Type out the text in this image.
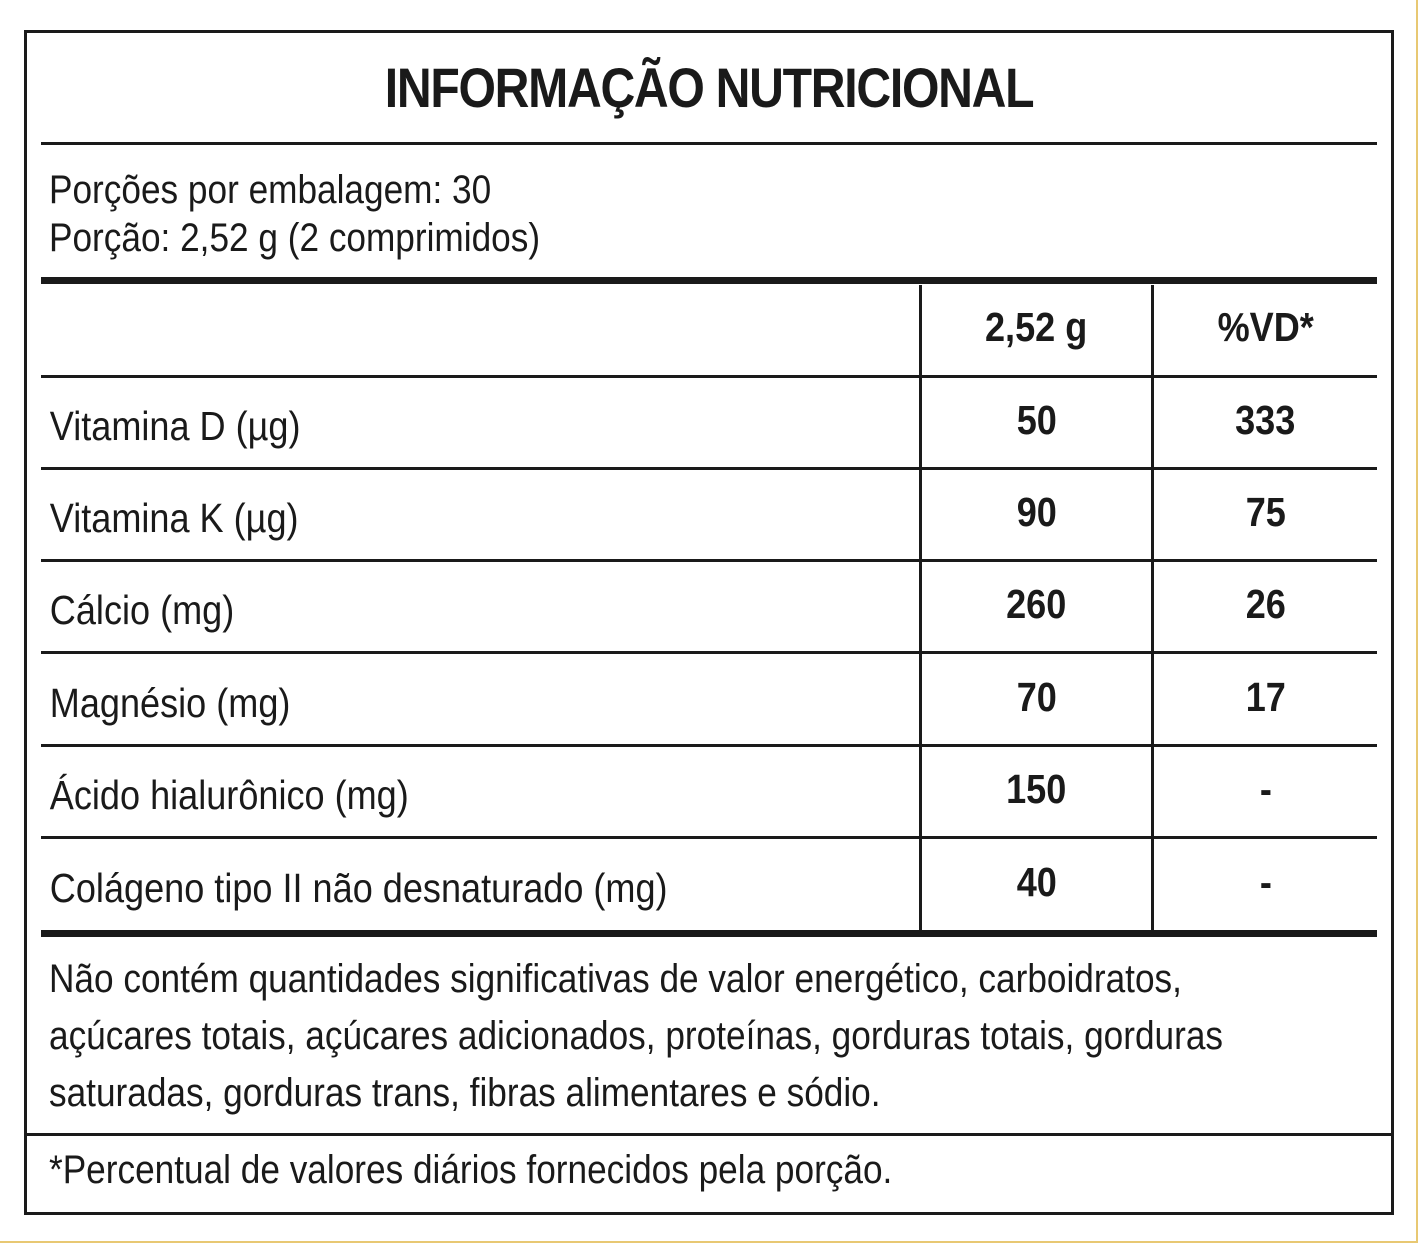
INFORMAÇÃO NUTRICIONAL
Porções por embalagem: 30
Porção: 2,52 g (2 comprimidos)
	2,52 g	%VD*
Vitamina D (µg)	50	333
Vitamina K (µg)	90	75
Cálcio (mg)	260	26
Magnésio (mg)	70	17
Ácido hialurônico (mg)	150	-
Colágeno tipo II não desnaturado (mg)	40	-

Não contém quantidades significativas de valor energético, carboidratos,
açúcares totais, açúcares adicionados, proteínas, gorduras totais, gorduras
saturadas, gorduras trans, fibras alimentares e sódio.

*Percentual de valores diários fornecidos pela porção.
